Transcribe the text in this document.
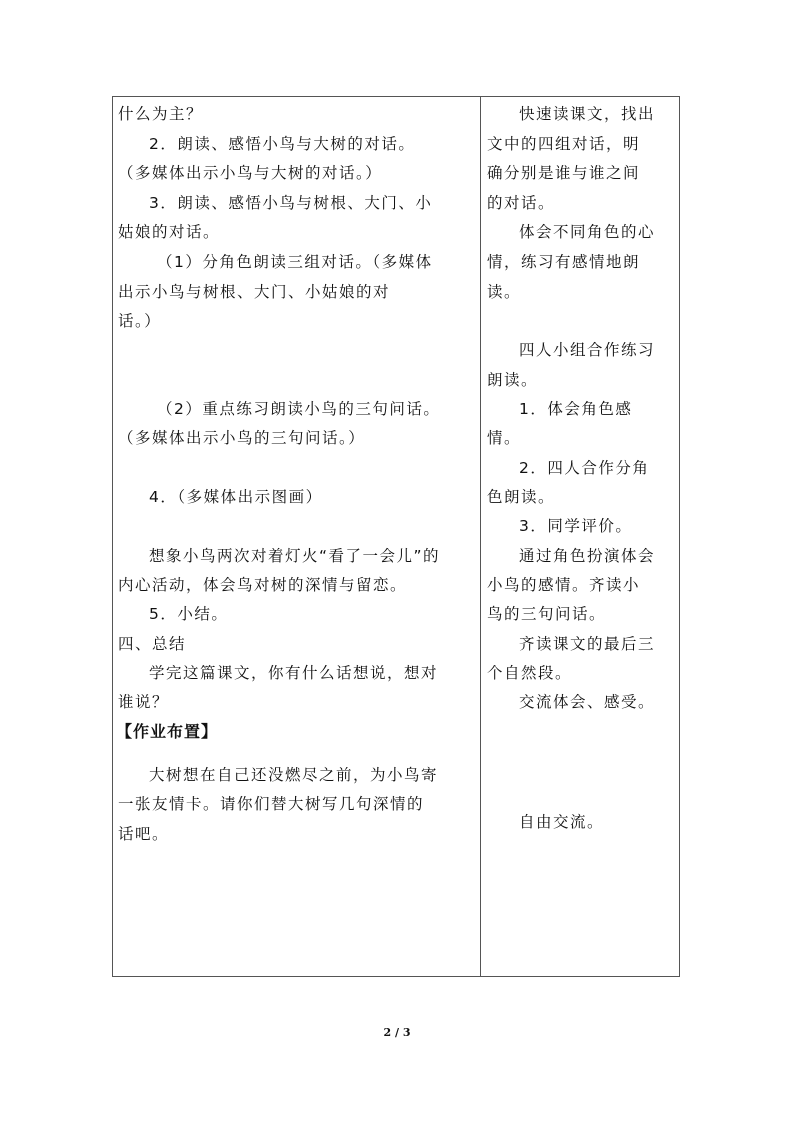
什么为主？
2．朗读、感悟小鸟与大树的对话。
（多媒体出示小鸟与大树的对话。）
3．朗读、感悟小鸟与树根、大门、小
姑娘的对话。
（1）分角色朗读三组对话。（多媒体
出示小鸟与树根、大门、小姑娘的对
话。）
（2）重点练习朗读小鸟的三句问话。
（多媒体出示小鸟的三句问话。）
4．（多媒体出示图画）
想象小鸟两次对着灯火“看了一会儿”的
内心活动，体会鸟对树的深情与留恋。
5．小结。
四、总结
学完这篇课文，你有什么话想说，想对
谁说？
【作业布置】
大树想在自己还没燃尽之前，为小鸟寄
一张友情卡。请你们替大树写几句深情的
话吧。
快速读课文，找出
文中的四组对话，明
确分别是谁与谁之间
的对话。
体会不同角色的心
情，练习有感情地朗
读。
四人小组合作练习
朗读。
1．体会角色感
情。
2．四人合作分角
色朗读。
3．同学评价。
通过角色扮演体会
小鸟的感情。齐读小
鸟的三句问话。
齐读课文的最后三
个自然段。
交流体会、感受。
自由交流。
2 / 3
